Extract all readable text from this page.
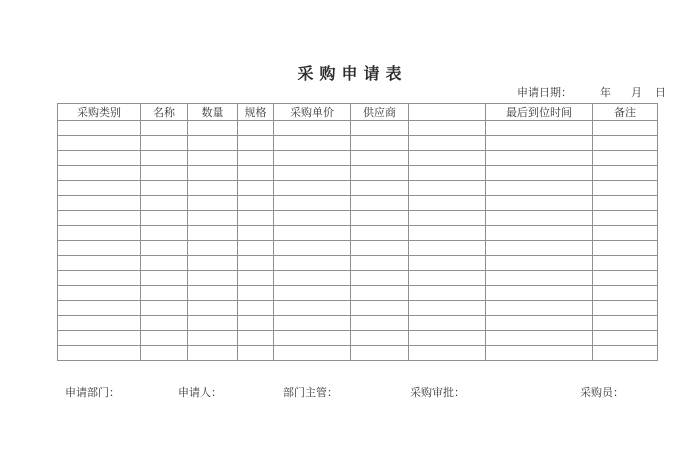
采 购 申 请 表
申请日期：	年 月 日
采购类别	名称	数量	规格	采购单价	供应商		最后到位时间	备注

申请部门：	申请人：	部门主管：	采购审批：	采购员：
